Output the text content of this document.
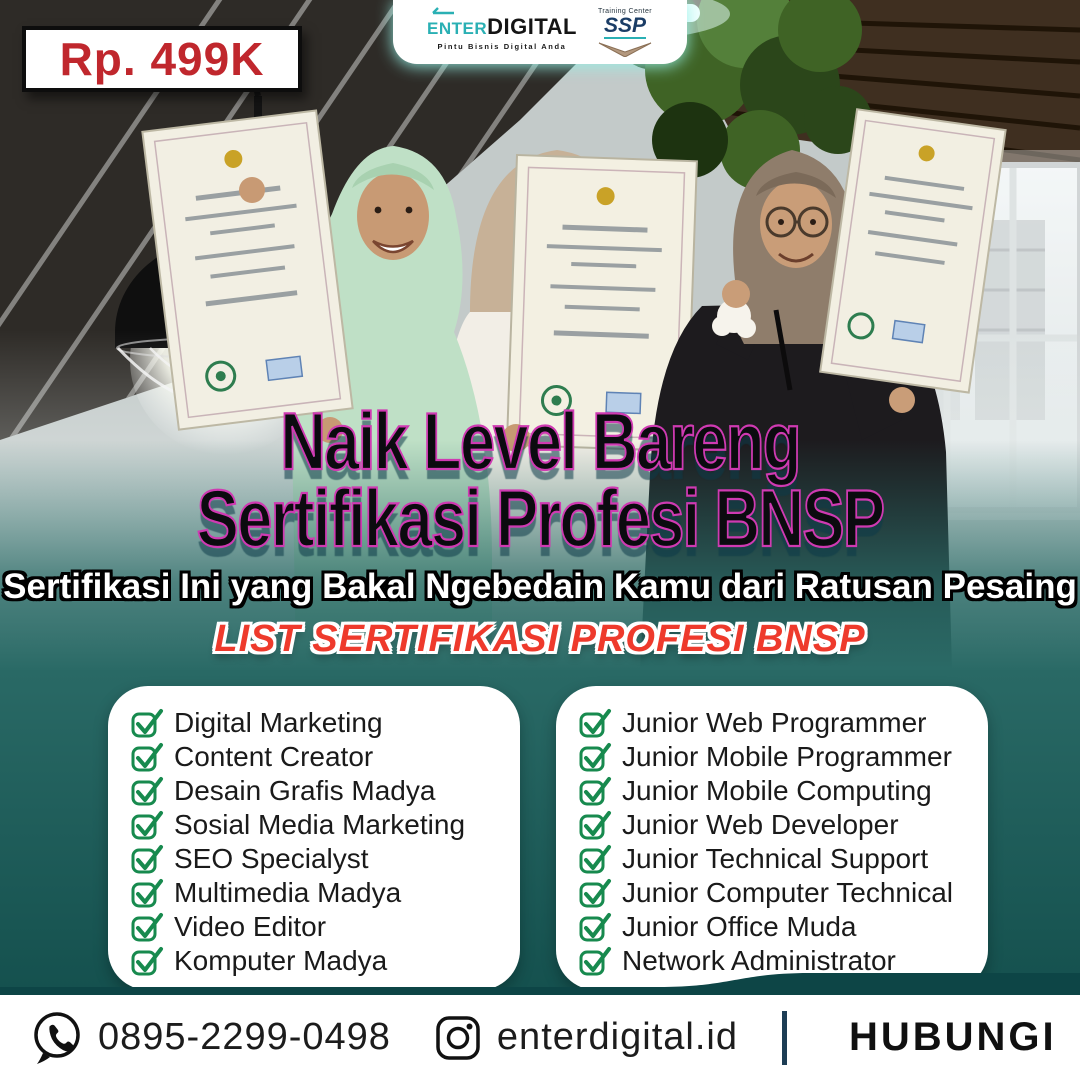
Rp. 499K
ENTER DIGITAL
Pintu Bisnis Digital Anda
Training Center
SSP
Naik Level Bareng
Sertifikasi Profesi BNSP
Sertifikasi Ini yang Bakal Ngebedain Kamu dari Ratusan Pesaing
LIST SERTIFIKASI PROFESI BNSP
Digital Marketing
Content Creator
Desain Grafis Madya
Sosial Media Marketing
SEO Specialyst
Multimedia Madya
Video Editor
Komputer Madya
Junior Web Programmer
Junior Mobile Programmer
Junior Mobile Computing
Junior Web Developer
Junior Technical Support
Junior Computer Technical
Junior Office Muda
Network Administrator
0895-2299-0498	enterdigital.id	HUBUNGI
